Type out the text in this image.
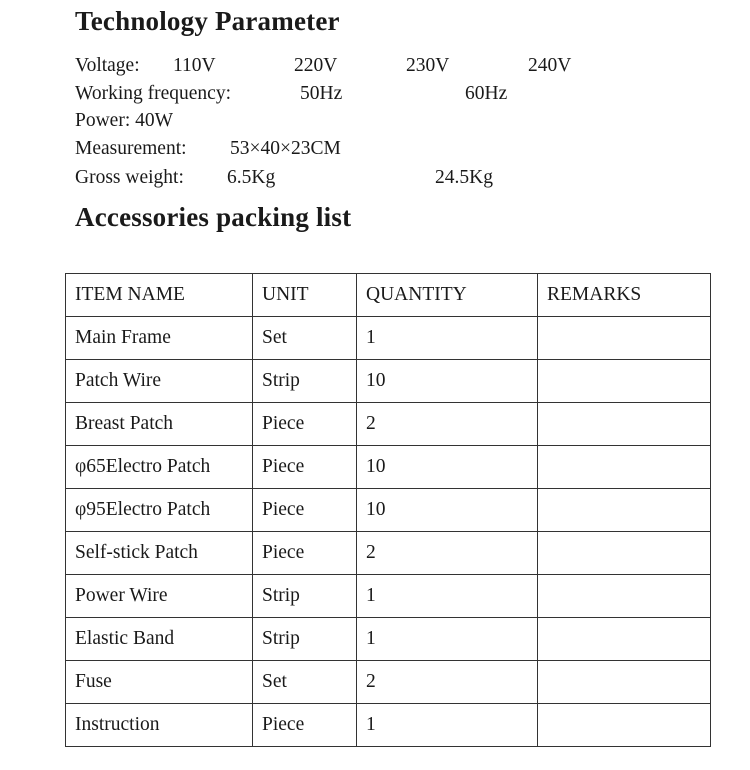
Technology Parameter
Voltage: 110V	220V	230V	240V
Working frequency:	50Hz	60Hz
Power: 40W
Measurement: 53×40×23CM
Gross weight: 6.5Kg	24.5Kg
Accessories packing list
ITEM NAME	UNIT	QUANTITY	REMARKS
Main Frame	Set	1	
Patch Wire	Strip	10	
Breast Patch	Piece	2	
φ65Electro Patch	Piece	10	
φ95Electro Patch	Piece	10	
Self-stick Patch	Piece	2	
Power Wire	Strip	1	
Elastic Band	Strip	1	
Fuse	Set	2	
Instruction	Piece	1	
